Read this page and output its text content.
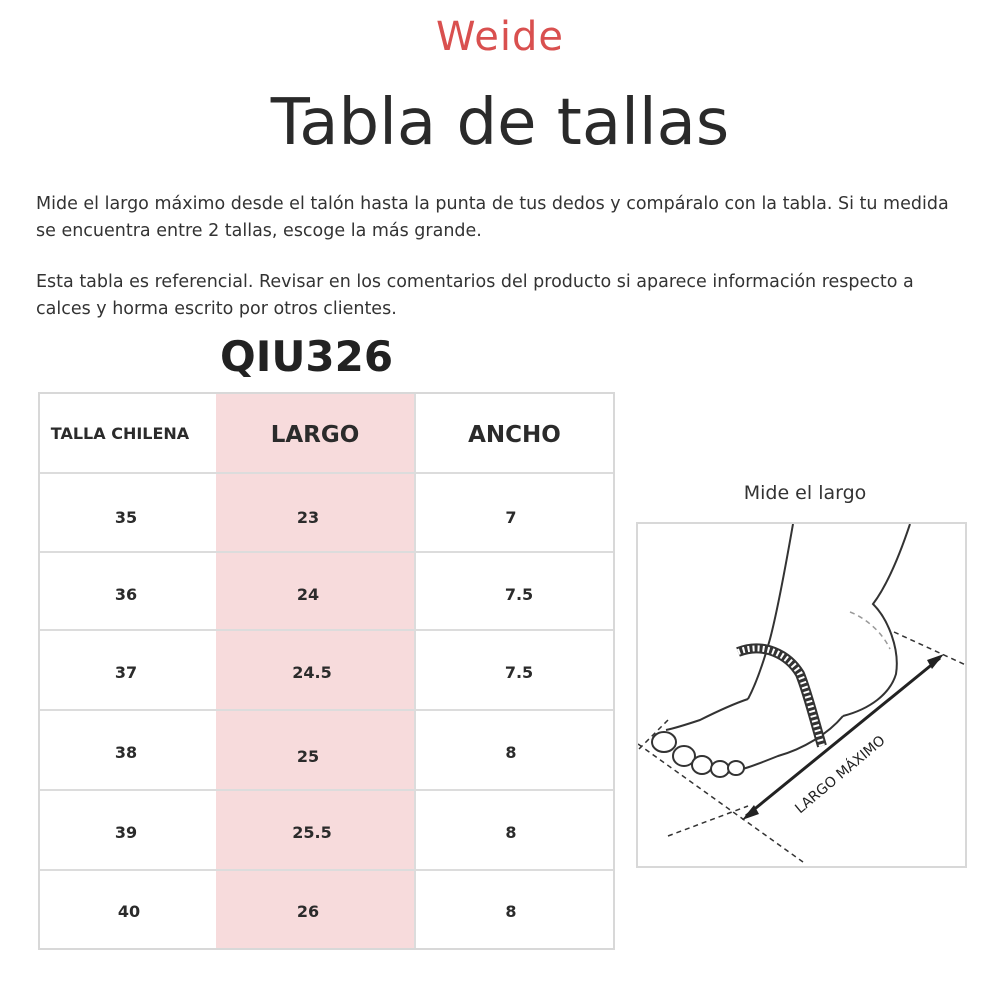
Weide
Tabla de tallas
Mide el largo máximo desde el talón hasta la punta de tus dedos y compáralo con la tabla. Si tu medida se encuentra entre 2 tallas, escoge la más grande.
Esta tabla es referencial. Revisar en los comentarios del producto si aparece información respecto a calces y horma escrito por otros clientes.
QIU326
TALLA CHILENA	LARGO	ANCHO
35	23	7
36	24	7.5
37	24.5	7.5
38	25	8
39	25.5	8
40	26	8
Mide el largo
LARGO MÁXIMO
